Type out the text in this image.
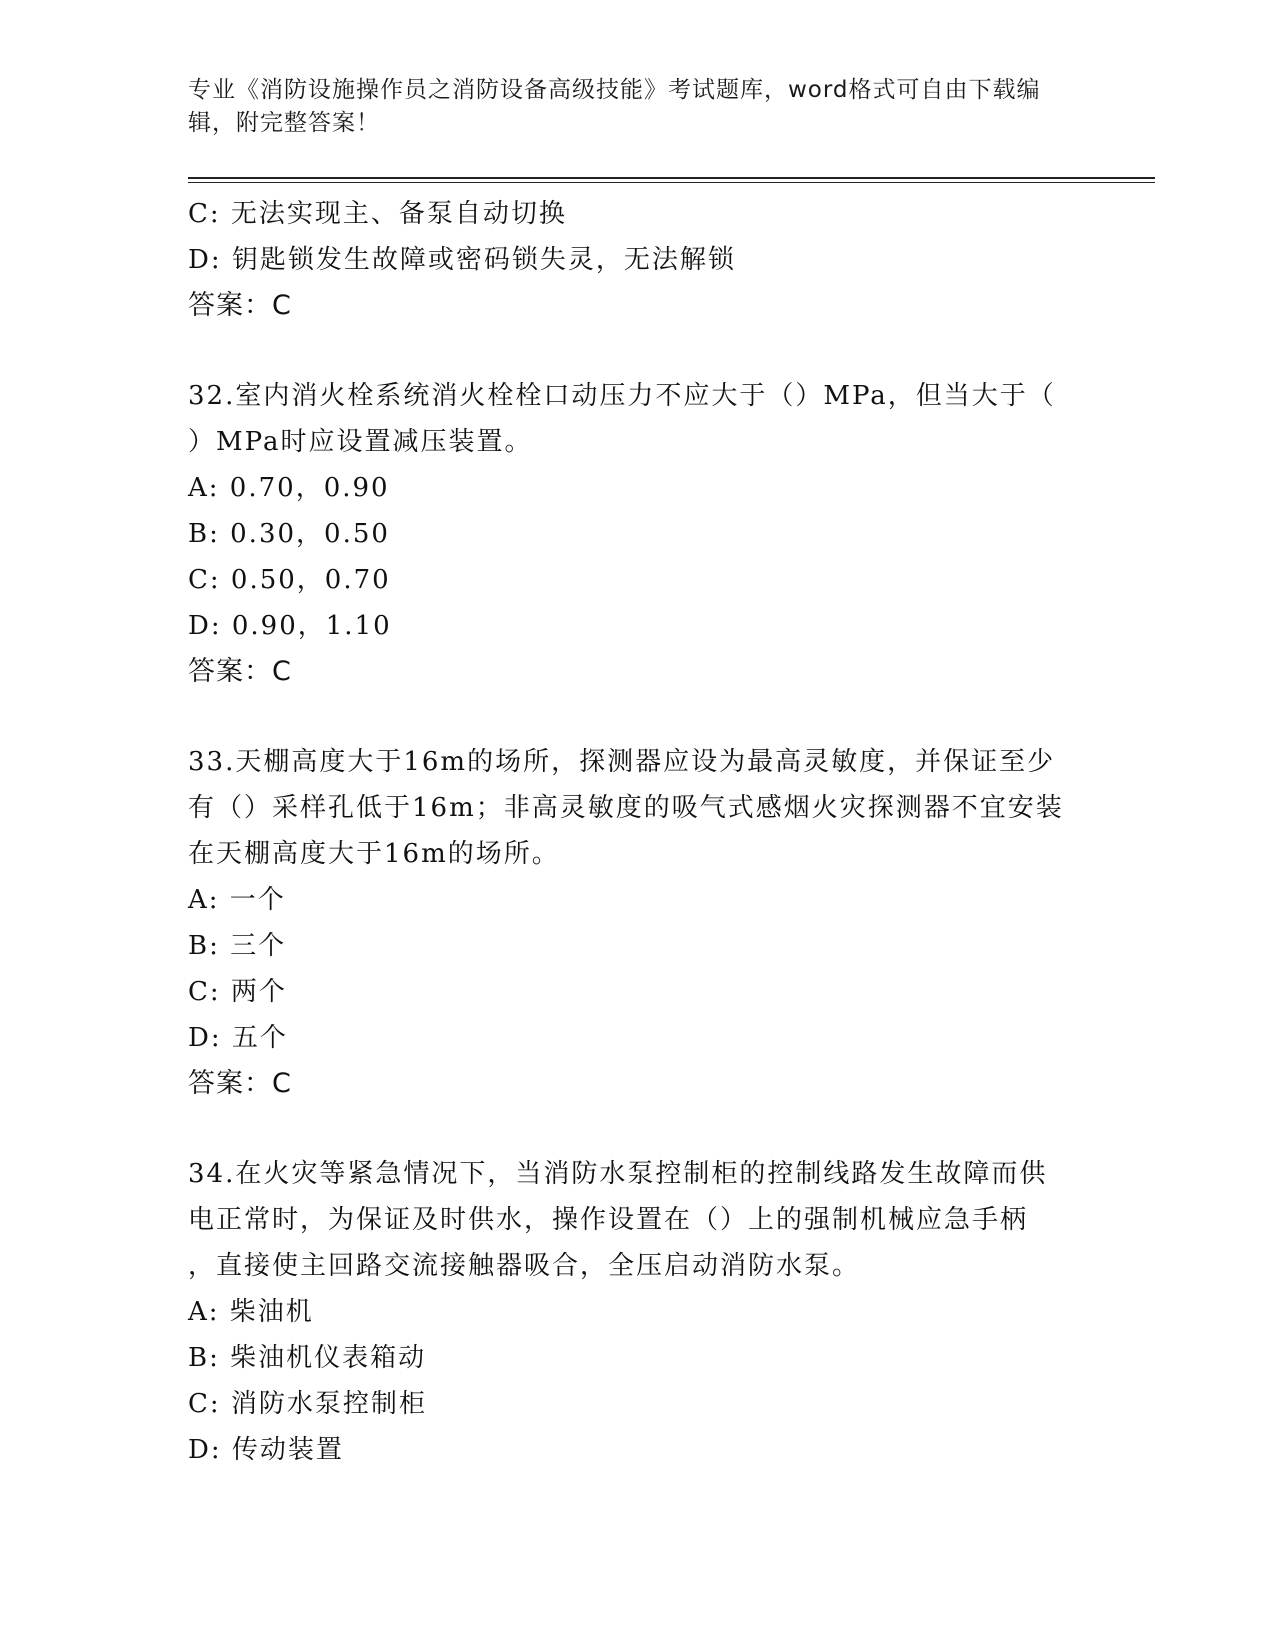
专业《消防设施操作员之消防设备高级技能》考试题库，word格式可自由下载编
辑，附完整答案！
C: 无法实现主、备泵自动切换
D: 钥匙锁发生故障或密码锁失灵，无法解锁
答案：C
32.室内消火栓系统消火栓栓口动压力不应大于（）MPa，但当大于（
）MPa时应设置减压装置。
A: 0.70，0.90
B: 0.30，0.50
C: 0.50，0.70
D: 0.90，1.10
答案：C
33.天棚高度大于16m的场所，探测器应设为最高灵敏度，并保证至少
有（）采样孔低于16m；非高灵敏度的吸气式感烟火灾探测器不宜安装
在天棚高度大于16m的场所。
A: 一个
B: 三个
C: 两个
D: 五个
答案：C
34.在火灾等紧急情况下，当消防水泵控制柜的控制线路发生故障而供
电正常时，为保证及时供水，操作设置在（）上的强制机械应急手柄
，直接使主回路交流接触器吸合，全压启动消防水泵。
A: 柴油机
B: 柴油机仪表箱动
C: 消防水泵控制柜
D: 传动装置
